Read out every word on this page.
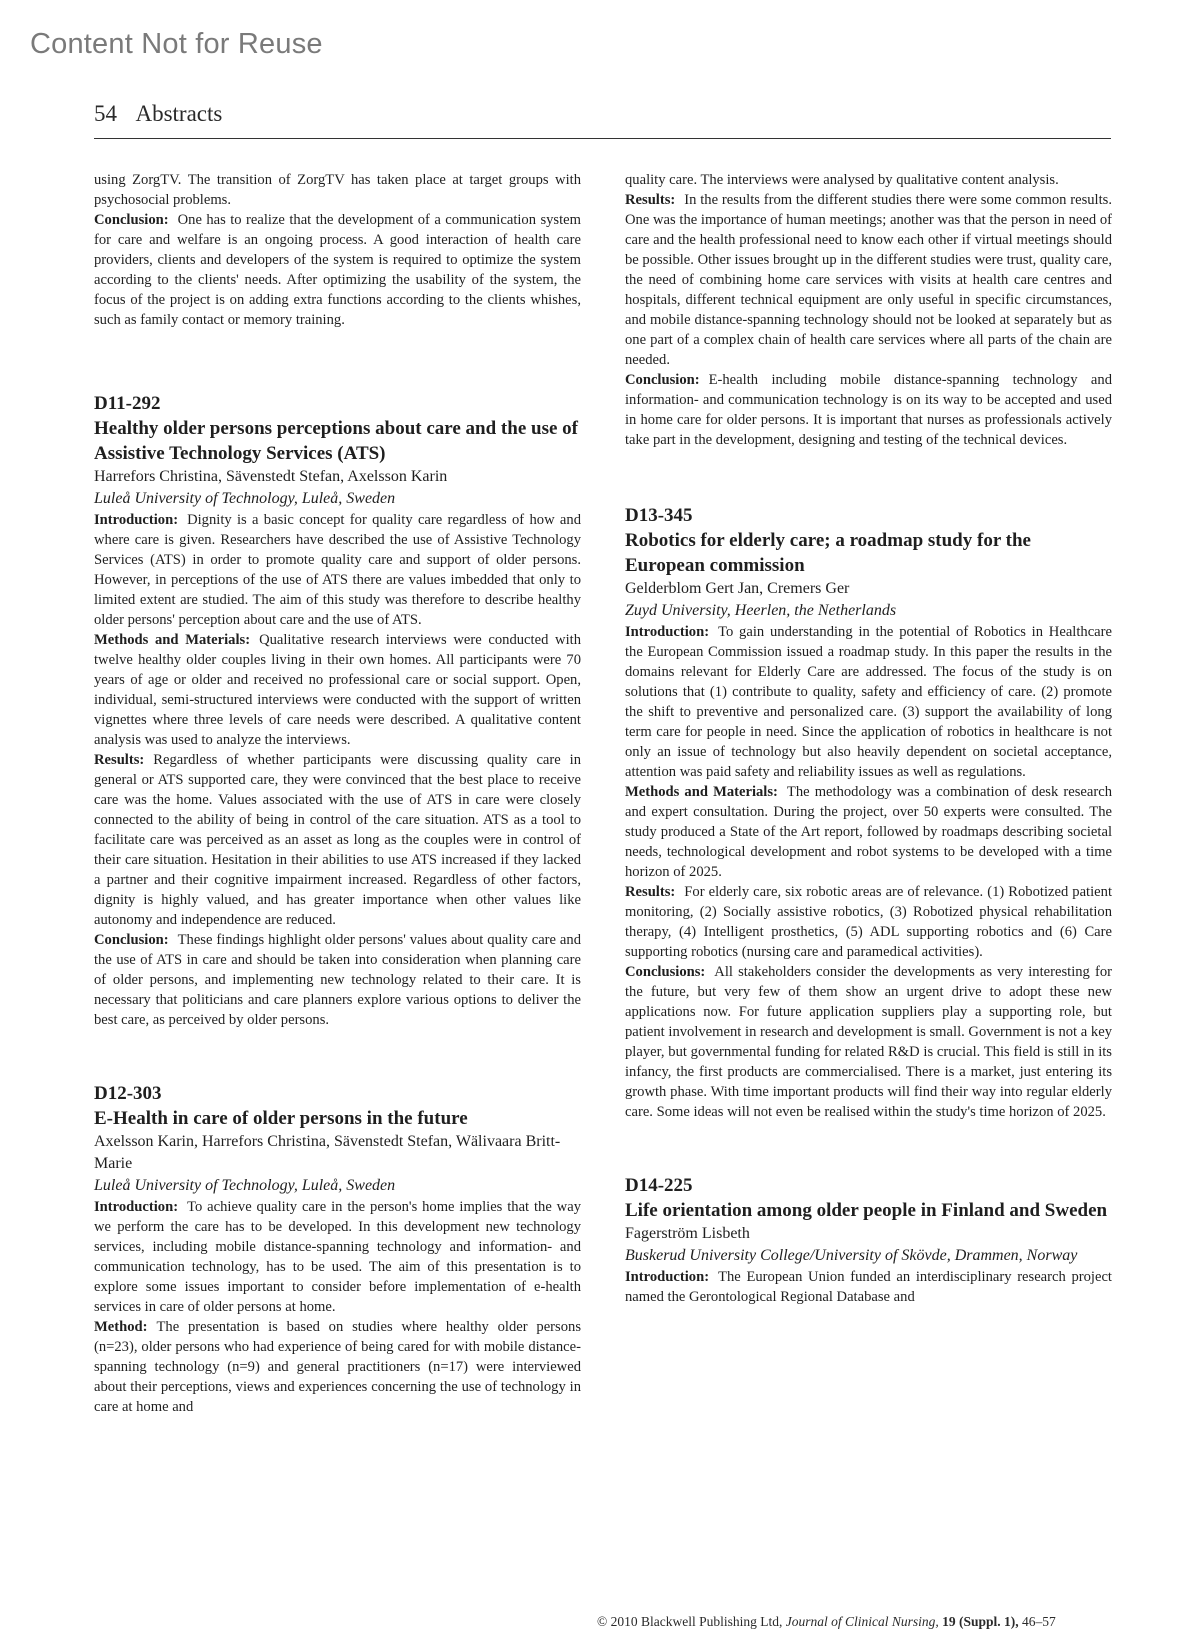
Content Not for Reuse
54 Abstracts

using ZorgTV. The transition of ZorgTV has taken place at target groups with psychosocial problems.

Conclusion: One has to realize that the development of a communication system for care and welfare is an ongoing process. A good interaction of health care providers, clients and developers of the system is required to optimize the system according to the clients' needs. After optimizing the usability of the system, the focus of the project is on adding extra functions according to the clients whishes, such as family contact or memory training.

D11-292

Healthy older persons perceptions about care and the use of Assistive Technology Services (ATS)

Harrefors Christina, Sävenstedt Stefan, Axelsson Karin

Luleå University of Technology, Luleå, Sweden

Introduction: Dignity is a basic concept for quality care regardless of how and where care is given. Researchers have described the use of Assistive Technology Services (ATS) in order to promote quality care and support of older persons. However, in perceptions of the use of ATS there are values imbedded that only to limited extent are studied. The aim of this study was therefore to describe healthy older persons' perception about care and the use of ATS.

Methods and Materials: Qualitative research interviews were conducted with twelve healthy older couples living in their own homes. All participants were 70 years of age or older and received no professional care or social support. Open, individual, semi-structured interviews were conducted with the support of written vignettes where three levels of care needs were described. A qualitative content analysis was used to analyze the interviews.

Results: Regardless of whether participants were discussing quality care in general or ATS supported care, they were convinced that the best place to receive care was the home. Values associated with the use of ATS in care were closely connected to the ability of being in control of the care situation. ATS as a tool to facilitate care was perceived as an asset as long as the couples were in control of their care situation. Hesitation in their abilities to use ATS increased if they lacked a partner and their cognitive impairment increased. Regardless of other factors, dignity is highly valued, and has greater importance when other values like autonomy and independence are reduced.

Conclusion: These findings highlight older persons' values about quality care and the use of ATS in care and should be taken into consideration when planning care of older persons, and implementing new technology related to their care. It is necessary that politicians and care planners explore various options to deliver the best care, as perceived by older persons.

D12-303

E-Health in care of older persons in the future

Axelsson Karin, Harrefors Christina, Sävenstedt Stefan, Wälivaara Britt-Marie

Luleå University of Technology, Luleå, Sweden

Introduction: To achieve quality care in the person's home implies that the way we perform the care has to be developed. In this development new technology services, including mobile distance-spanning technology and information- and communication technology, has to be used. The aim of this presentation is to explore some issues important to consider before implementation of e-health services in care of older persons at home.

Method: The presentation is based on studies where healthy older persons (n=23), older persons who had experience of being cared for with mobile distance-spanning technology (n=9) and general practitioners (n=17) were interviewed about their perceptions, views and experiences concerning the use of technology in care at home and

quality care. The interviews were analysed by qualitative content analysis.

Results: In the results from the different studies there were some common results. One was the importance of human meetings; another was that the person in need of care and the health professional need to know each other if virtual meetings should be possible. Other issues brought up in the different studies were trust, quality care, the need of combining home care services with visits at health care centres and hospitals, different technical equipment are only useful in specific circumstances, and mobile distance-spanning technology should not be looked at separately but as one part of a complex chain of health care services where all parts of the chain are needed.

Conclusion: E-health including mobile distance-spanning technology and information- and communication technology is on its way to be accepted and used in home care for older persons. It is important that nurses as professionals actively take part in the development, designing and testing of the technical devices.

D13-345

Robotics for elderly care; a roadmap study for the European commission

Gelderblom Gert Jan, Cremers Ger

Zuyd University, Heerlen, the Netherlands

Introduction: To gain understanding in the potential of Robotics in Healthcare the European Commission issued a roadmap study. In this paper the results in the domains relevant for Elderly Care are addressed. The focus of the study is on solutions that (1) contribute to quality, safety and efficiency of care. (2) promote the shift to preventive and personalized care. (3) support the availability of long term care for people in need. Since the application of robotics in healthcare is not only an issue of technology but also heavily dependent on societal acceptance, attention was paid safety and reliability issues as well as regulations.

Methods and Materials: The methodology was a combination of desk research and expert consultation. During the project, over 50 experts were consulted. The study produced a State of the Art report, followed by roadmaps describing societal needs, technological development and robot systems to be developed with a time horizon of 2025.

Results: For elderly care, six robotic areas are of relevance. (1) Robotized patient monitoring, (2) Socially assistive robotics, (3) Robotized physical rehabilitation therapy, (4) Intelligent prosthetics, (5) ADL supporting robotics and (6) Care supporting robotics (nursing care and paramedical activities).

Conclusions: All stakeholders consider the developments as very interesting for the future, but very few of them show an urgent drive to adopt these new applications now. For future application suppliers play a supporting role, but patient involvement in research and development is small. Government is not a key player, but governmental funding for related R&D is crucial. This field is still in its infancy, the first products are commercialised. There is a market, just entering its growth phase. With time important products will find their way into regular elderly care. Some ideas will not even be realised within the study's time horizon of 2025.

D14-225

Life orientation among older people in Finland and Sweden

Fagerström Lisbeth

Buskerud University College/University of Skövde, Drammen, Norway

Introduction: The European Union funded an interdisciplinary research project named the Gerontological Regional Database and

© 2010 Blackwell Publishing Ltd, Journal of Clinical Nursing, 19 (Suppl. 1), 46–57
